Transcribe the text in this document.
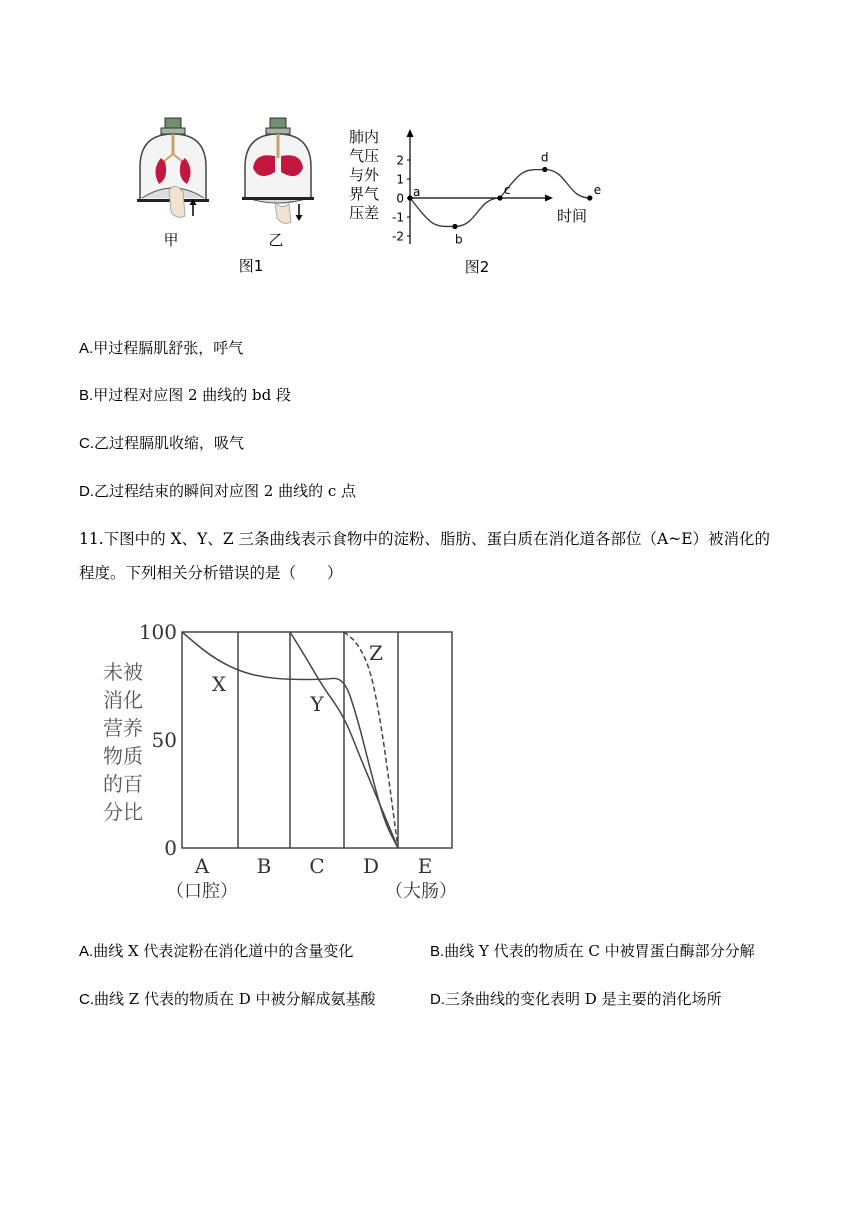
甲	乙
图1
肺内
气压
与外
界气
压差
2
1
0
-1
-2
a
b
c
d
e
时间
图2
A.甲过程膈肌舒张，呼气
B.甲过程对应图 2 曲线的 bd 段
C.乙过程膈肌收缩，吸气
D.乙过程结束的瞬间对应图 2 曲线的 c 点
11.下图中的 X、Y、Z 三条曲线表示食物中的淀粉、脂肪、蛋白质在消化道各部位（A~E）被消化的
程度。下列相关分析错误的是（　　）
未被
消化
营养
物质
的百
分比
100
50
0
X
Y
Z
A
（口腔）
B C D E
（大肠）
A.曲线 X 代表淀粉在消化道中的含量变化	B.曲线 Y 代表的物质在 C 中被胃蛋白酶部分分解
C.曲线 Z 代表的物质在 D 中被分解成氨基酸	D.三条曲线的变化表明 D 是主要的消化场所
